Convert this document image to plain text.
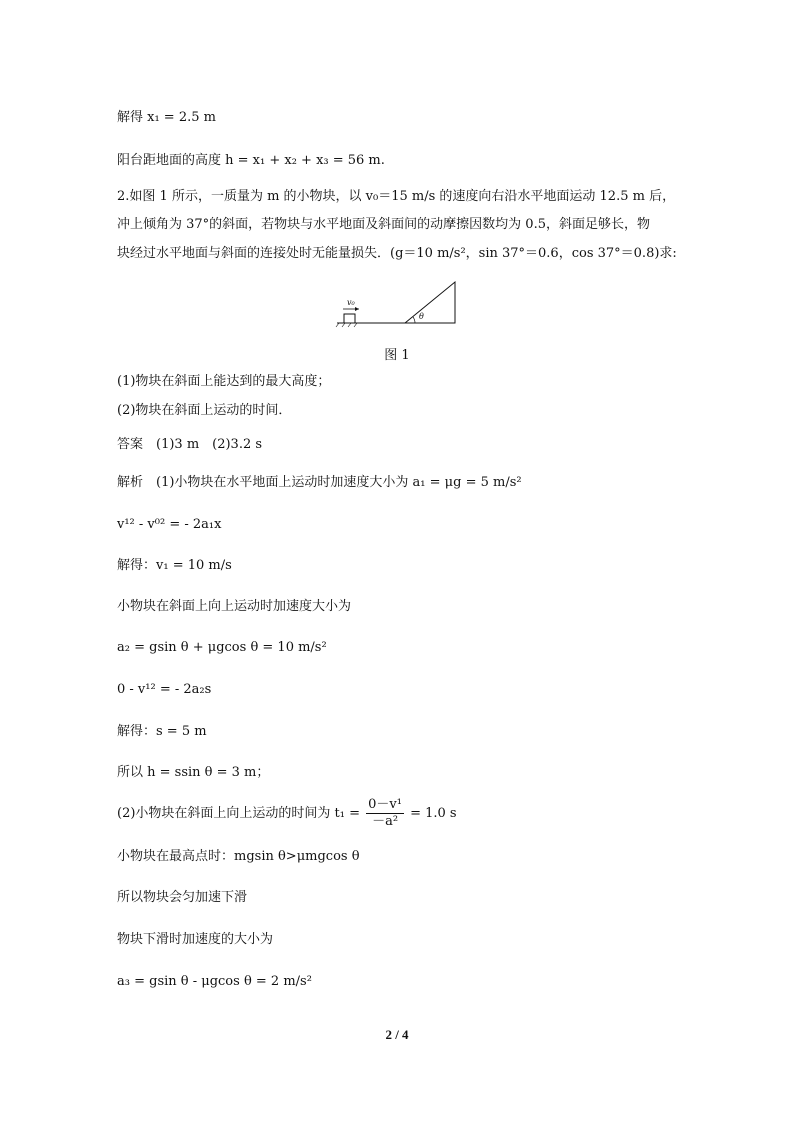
解得 x₁ = 2.5 m
阳台距地面的高度 h = x₁ + x₂ + x₃ = 56 m.
2.如图 1 所示，一质量为 m 的小物块，以 v₀＝15 m/s 的速度向右沿水平地面运动 12.5 m 后，
冲上倾角为 37°的斜面，若物块与水平地面及斜面间的动摩擦因数均为 0.5，斜面足够长，物
块经过水平地面与斜面的连接处时无能量损失．(g＝10 m/s²，sin 37°＝0.6，cos 37°＝0.8)求:
v₀
θ
图 1
(1)物块在斜面上能达到的最大高度；
(2)物块在斜面上运动的时间．
答案　(1)3 m　(2)3.2 s
解析　(1)小物块在水平地面上运动时加速度大小为 a₁ = μg = 5 m/s²
v¹² - v⁰² = - 2a₁x
解得：v₁ = 10 m/s
小物块在斜面上向上运动时加速度大小为
a₂ = gsin θ + μgcos θ = 10 m/s²
0 - v¹² = - 2a₂s
解得：s = 5 m
所以 h = ssin θ = 3 m；
(2)小物块在斜面上向上运动的时间为 $t_1 = \frac{\text{0－v¹}}{\text{－a²}} = 1.0$ s
小物块在最高点时：mgsin θ>μmgcos θ
所以物块会匀加速下滑
物块下滑时加速度的大小为
a₃ = gsin θ - μgcos θ = 2 m/s²
2 / 4
